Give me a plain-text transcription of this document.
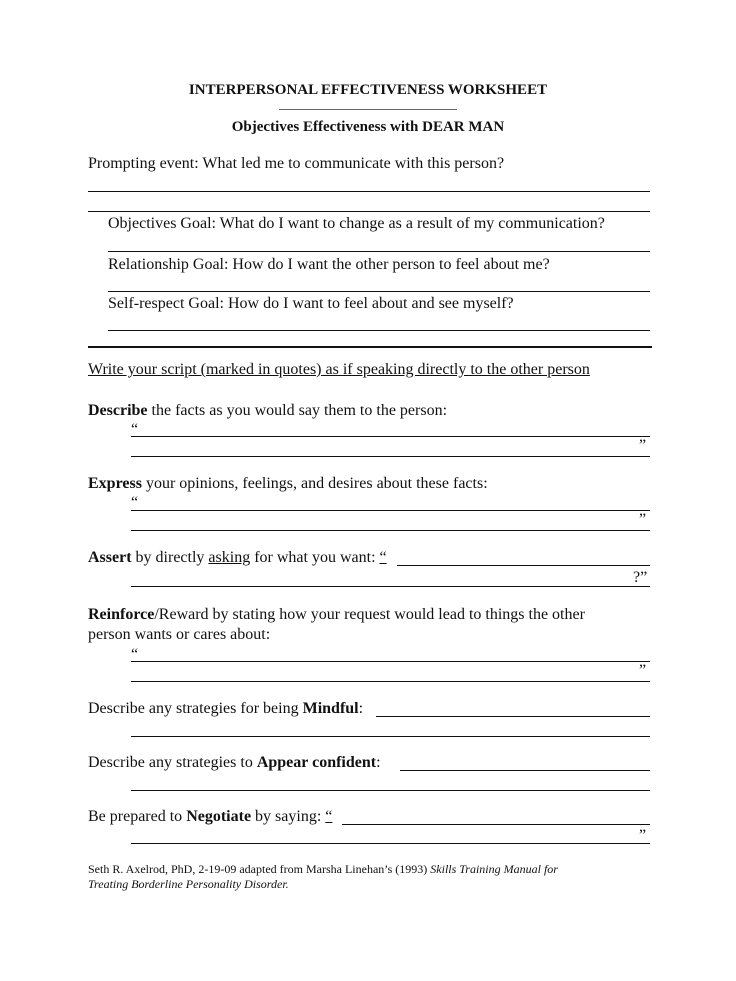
INTERPERSONAL EFFECTIVENESS WORKSHEET
Objectives Effectiveness with DEAR MAN
Prompting event: What led me to communicate with this person?
Objectives Goal: What do I want to change as a result of my communication?
Relationship Goal: How do I want the other person to feel about me?
Self-respect Goal: How do I want to feel about and see myself?
Write your script (marked in quotes) as if speaking directly to the other person
Describe the facts as you would say them to the person:
“
”
Express your opinions, feelings, and desires about these facts:
“
”
Assert by directly asking for what you want: “
?”
Reinforce/Reward by stating how your request would lead to things the other
person wants or cares about:
“
”
Describe any strategies for being Mindful:
Describe any strategies to Appear confident:
Be prepared to Negotiate by saying: “
”
Seth R. Axelrod, PhD, 2-19-09 adapted from Marsha Linehan’s (1993) Skills Training Manual for
Treating Borderline Personality Disorder.
